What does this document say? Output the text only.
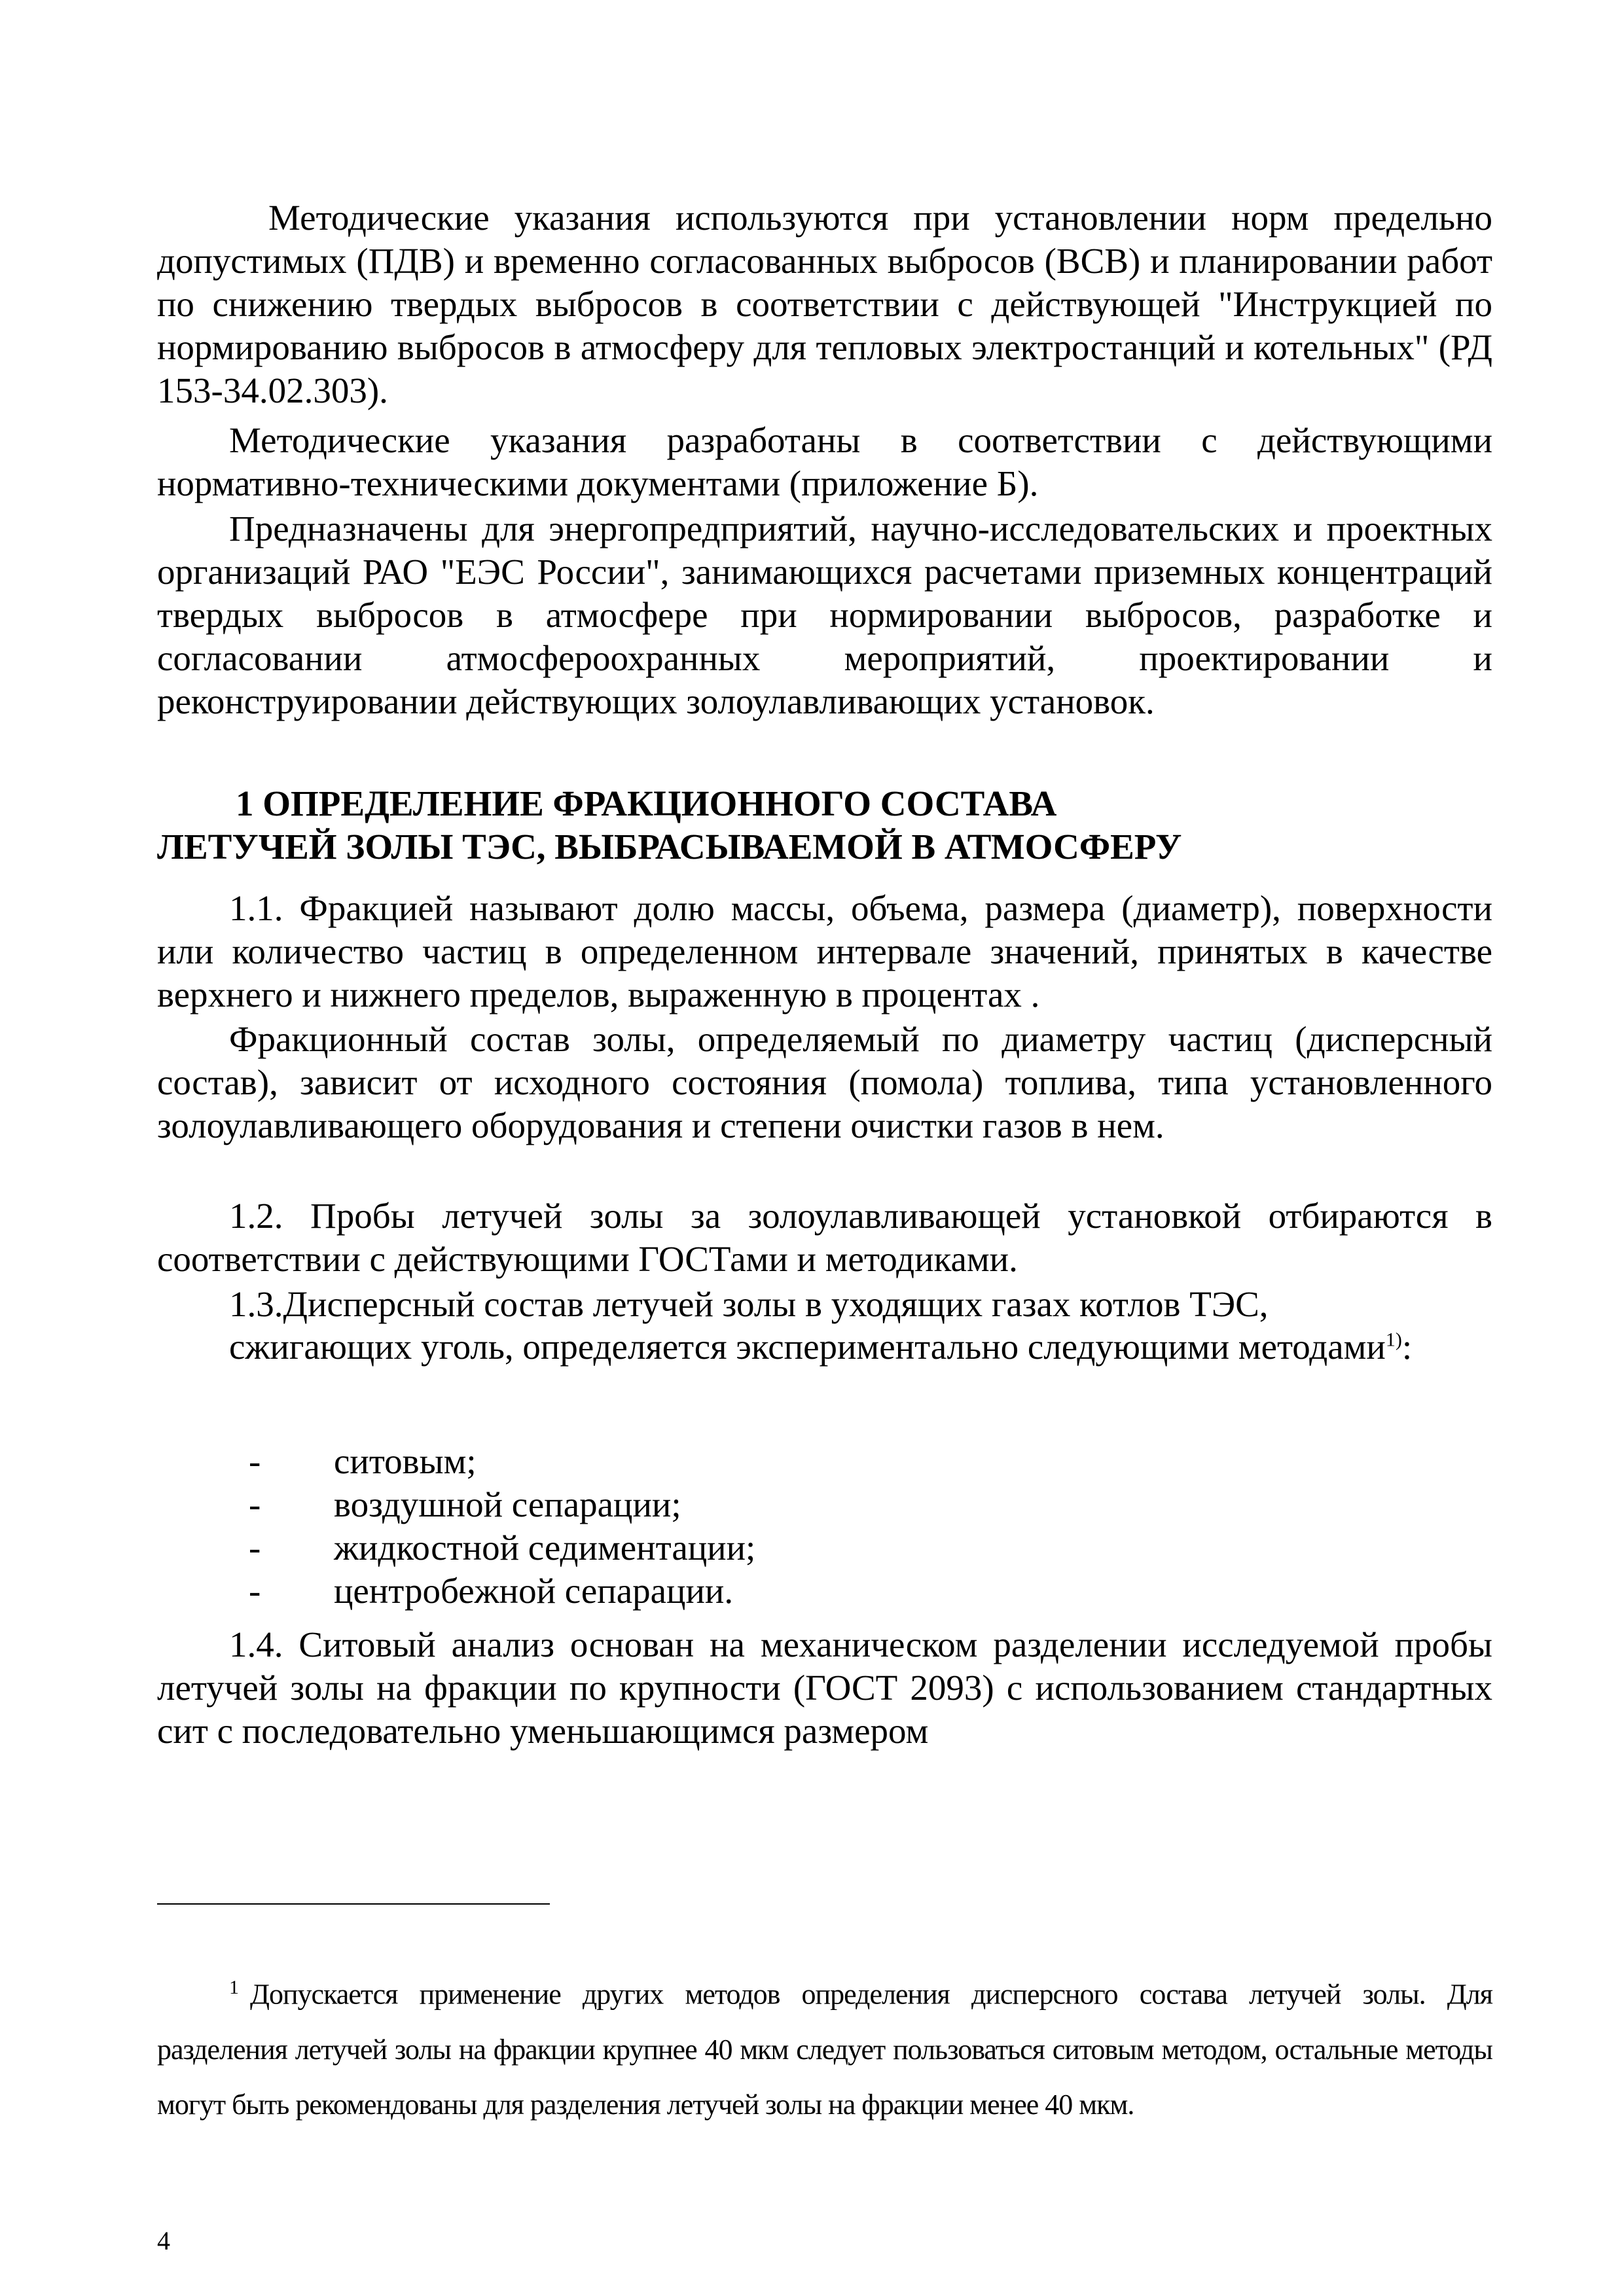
Методические указания используются при установлении норм предельно допустимых (ПДВ) и временно согласованных выбросов (ВСВ) и планировании работ по снижению твердых выбросов в соответствии с действующей "Инструкцией по нормированию выбросов в атмосферу для тепловых электростанций и котельных" (РД 153-34.02.303).

Методические указания разработаны в соответствии с действующими нормативно-техническими документами (приложение Б).

Предназначены для энергопредприятий, научно-исследовательских и проектных организаций РАО "ЕЭС России", занимающихся расчетами приземных концентраций твердых выбросов в атмосфере при нормировании выбросов, разработке и согласовании атмосфероохранных мероприятий, проектировании и реконструировании действующих золоулавливающих установок.

1 ОПРЕДЕЛЕНИЕ ФРАКЦИОННОГО СОСТАВА
ЛЕТУЧЕЙ ЗОЛЫ ТЭС, ВЫБРАСЫВАЕМОЙ В АТМОСФЕРУ

1.1. Фракцией называют долю массы, объема, размера (диаметр), поверхности или количество частиц в определенном интервале значений, принятых в качестве верхнего и нижнего пределов, выраженную в процентах .

Фракционный состав золы, определяемый по диаметру частиц (дисперсный состав), зависит от исходного состояния (помола) топлива, типа установленного золоулавливающего оборудования и степени очистки газов в нем.

1.2. Пробы летучей золы за золоулавливающей установкой отбираются в соответствии с действующими ГОСТами и методиками.

1.3.Дисперсный состав летучей золы в уходящих газах котлов ТЭС,

сжигающих уголь, определяется экспериментально следующими методами$^{1)}$:

- ситовым;
- воздушной сепарации;
- жидкостной седиментации;
- центробежной сепарации.

1.4. Ситовый анализ основан на механическом разделении исследуемой пробы летучей золы на фракции по крупности (ГОСТ 2093) с использованием стандартных сит с последовательно уменьшающимся размером

$^1$ Допускается применение других методов определения дисперсного состава летучей золы. Для разделения летучей золы на фракции крупнее 40 мкм следует пользоваться ситовым методом, остальные методы могут быть рекомендованы для разделения летучей золы на фракции менее 40 мкм.

4
